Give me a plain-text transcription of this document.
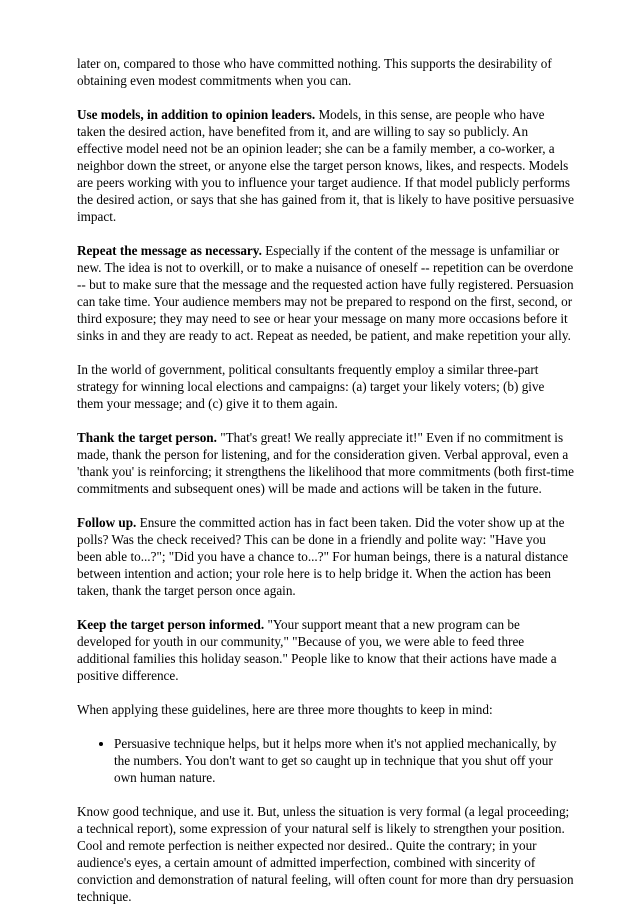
later on, compared to those who have committed nothing. This supports the desirability of obtaining even modest commitments when you can.

Use models, in addition to opinion leaders. Models, in this sense, are people who have taken the desired action, have benefited from it, and are willing to say so publicly. An effective model need not be an opinion leader; she can be a family member, a co-worker, a neighbor down the street, or anyone else the target person knows, likes, and respects. Models are peers working with you to influence your target audience. If that model publicly performs the desired action, or says that she has gained from it, that is likely to have positive persuasive impact.

Repeat the message as necessary. Especially if the content of the message is unfamiliar or new. The idea is not to overkill, or to make a nuisance of oneself -- repetition can be overdone -- but to make sure that the message and the requested action have fully registered. Persuasion can take time. Your audience members may not be prepared to respond on the first, second, or third exposure; they may need to see or hear your message on many more occasions before it sinks in and they are ready to act. Repeat as needed, be patient, and make repetition your ally.

In the world of government, political consultants frequently employ a similar three-part strategy for winning local elections and campaigns: (a) target your likely voters; (b) give them your message; and (c) give it to them again.

Thank the target person. "That's great! We really appreciate it!" Even if no commitment is made, thank the person for listening, and for the consideration given. Verbal approval, even a 'thank you' is reinforcing; it strengthens the likelihood that more commitments (both first-time commitments and subsequent ones) will be made and actions will be taken in the future.

Follow up. Ensure the committed action has in fact been taken. Did the voter show up at the polls? Was the check received? This can be done in a friendly and polite way: "Have you been able to...?"; "Did you have a chance to...?" For human beings, there is a natural distance between intention and action; your role here is to help bridge it. When the action has been taken, thank the target person once again.

Keep the target person informed. "Your support meant that a new program can be developed for youth in our community," "Because of you, we were able to feed three additional families this holiday season." People like to know that their actions have made a positive difference.

When applying these guidelines, here are three more thoughts to keep in mind:

• Persuasive technique helps, but it helps more when it's not applied mechanically, by the numbers. You don't want to get so caught up in technique that you shut off your own human nature.

Know good technique, and use it. But, unless the situation is very formal (a legal proceeding; a technical report), some expression of your natural self is likely to strengthen your position. Cool and remote perfection is neither expected nor desired.. Quite the contrary; in your audience's eyes, a certain amount of admitted imperfection, combined with sincerity of conviction and demonstration of natural feeling, will often count for more than dry persuasion technique.
